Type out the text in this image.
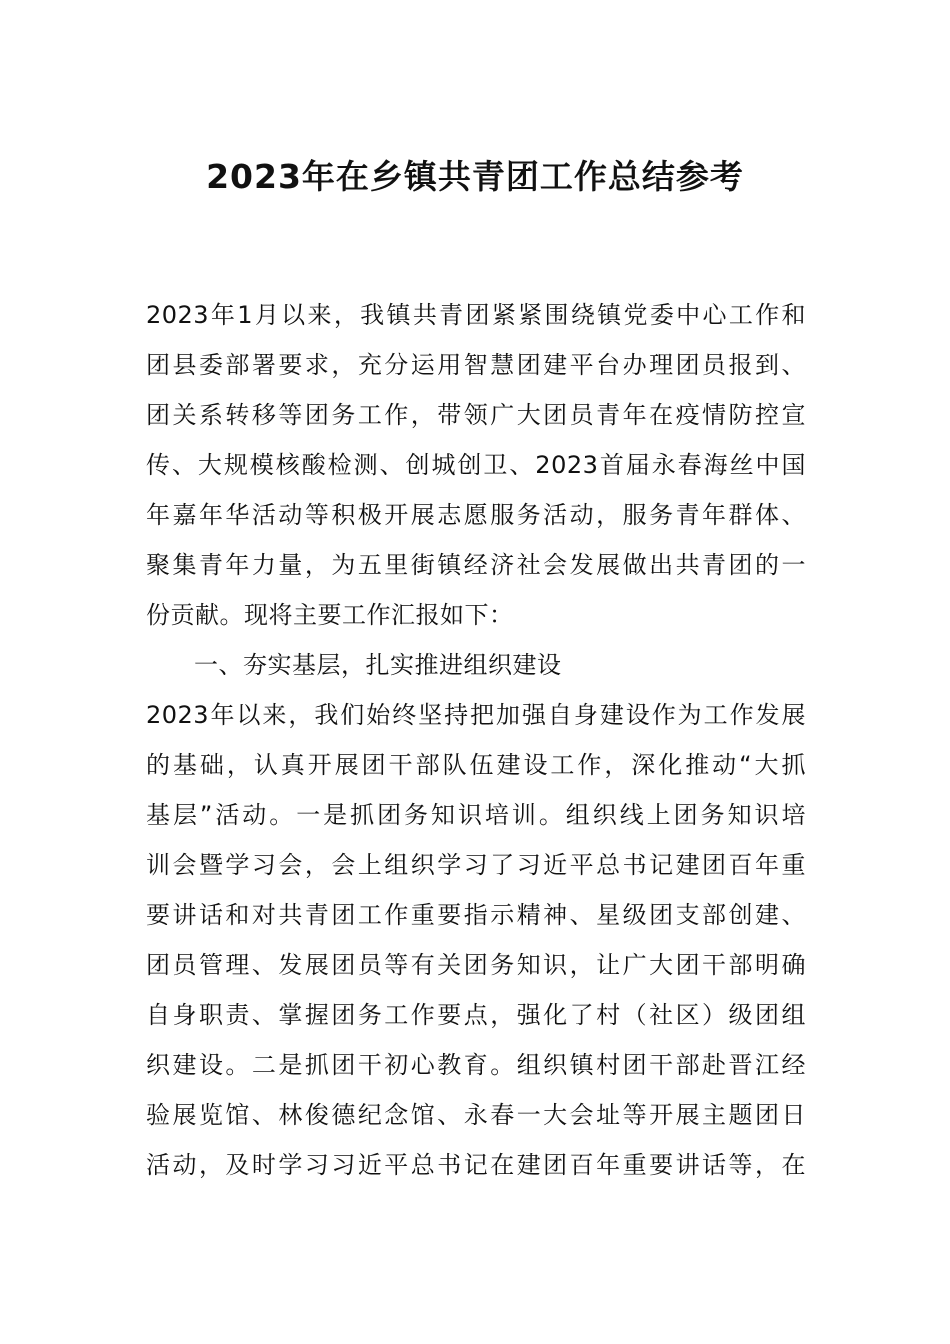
2023年在乡镇共青团工作总结参考
2023年1月以来，我镇共青团紧紧围绕镇党委中心工作和
团县委部署要求，充分运用智慧团建平台办理团员报到、
团关系转移等团务工作，带领广大团员青年在疫情防控宣
传、大规模核酸检测、创城创卫、2023首届永春海丝中国
年嘉年华活动等积极开展志愿服务活动，服务青年群体、
聚集青年力量，为五里街镇经济社会发展做出共青团的一
份贡献。现将主要工作汇报如下：
一、夯实基层，扎实推进组织建设
2023年以来，我们始终坚持把加强自身建设作为工作发展
的基础，认真开展团干部队伍建设工作，深化推动“大抓
基层”活动。一是抓团务知识培训。组织线上团务知识培
训会暨学习会，会上组织学习了习近平总书记建团百年重
要讲话和对共青团工作重要指示精神、星级团支部创建、
团员管理、发展团员等有关团务知识，让广大团干部明确
自身职责、掌握团务工作要点，强化了村（社区）级团组
织建设。二是抓团干初心教育。组织镇村团干部赴晋江经
验展览馆、林俊德纪念馆、永春一大会址等开展主题团日
活动，及时学习习近平总书记在建团百年重要讲话等，在
